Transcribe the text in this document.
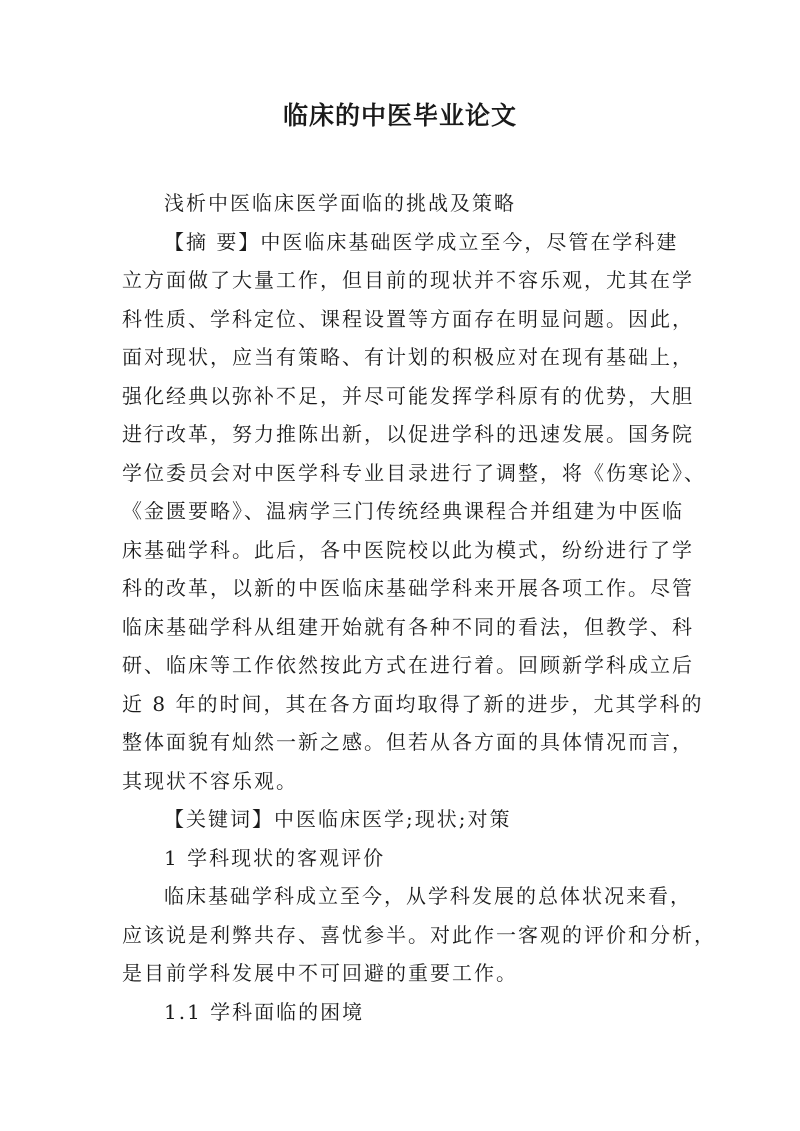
临床的中医毕业论文
浅析中医临床医学面临的挑战及策略
【摘 要】中医临床基础医学成立至今，尽管在学科建
立方面做了大量工作，但目前的现状并不容乐观，尤其在学
科性质、学科定位、课程设置等方面存在明显问题。因此，
面对现状，应当有策略、有计划的积极应对在现有基础上，
强化经典以弥补不足，并尽可能发挥学科原有的优势，大胆
进行改革，努力推陈出新，以促进学科的迅速发展。国务院
学位委员会对中医学科专业目录进行了调整，将《伤寒论》、
《金匮要略》、温病学三门传统经典课程合并组建为中医临
床基础学科。此后，各中医院校以此为模式，纷纷进行了学
科的改革，以新的中医临床基础学科来开展各项工作。尽管
临床基础学科从组建开始就有各种不同的看法，但教学、科
研、临床等工作依然按此方式在进行着。回顾新学科成立后
近 8 年的时间，其在各方面均取得了新的进步，尤其学科的
整体面貌有灿然一新之感。但若从各方面的具体情况而言，
其现状不容乐观。
【关键词】中医临床医学;现状;对策
1 学科现状的客观评价
临床基础学科成立至今，从学科发展的总体状况来看，
应该说是利弊共存、喜忧参半。对此作一客观的评价和分析，
是目前学科发展中不可回避的重要工作。
1.1 学科面临的困境
